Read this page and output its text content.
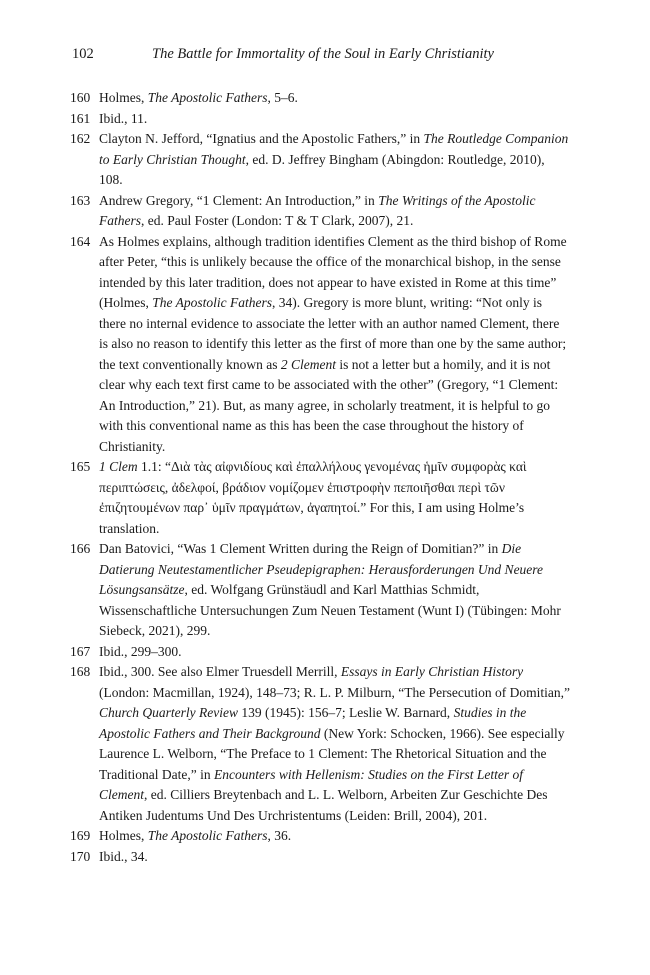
102	The Battle for Immortality of the Soul in Early Christianity
160 Holmes, The Apostolic Fathers, 5–6.
161 Ibid., 11.
162 Clayton N. Jefford, “Ignatius and the Apostolic Fathers,” in The Routledge Companion to Early Christian Thought, ed. D. Jeffrey Bingham (Abingdon: Routledge, 2010), 108.
163 Andrew Gregory, “1 Clement: An Introduction,” in The Writings of the Apostolic Fathers, ed. Paul Foster (London: T & T Clark, 2007), 21.
164 As Holmes explains, although tradition identifies Clement as the third bishop of Rome after Peter, “this is unlikely because the office of the monarchical bishop, in the sense intended by this later tradition, does not appear to have existed in Rome at this time” (Holmes, The Apostolic Fathers, 34). Gregory is more blunt, writing: “Not only is there no internal evidence to associate the letter with an author named Clement, there is also no reason to identify this letter as the first of more than one by the same author; the text conventionally known as 2 Clement is not a letter but a homily, and it is not clear why each text first came to be associated with the other” (Gregory, “1 Clement: An Introduction,” 21). But, as many agree, in scholarly treatment, it is helpful to go with this conventional name as this has been the case throughout the history of Christianity.
165 1 Clem 1.1: “Διὰ τὰς αἰφνιδίους καὶ ἐπαλλήλους γενομένας ἡμῖν συμφορὰς καὶ περιπτώσεις, ἀδελφοί, βράδιον νομίζομεν ἐπιστροφὴν πεποιῆσθαι περὶ τῶν ἐπιζητουμένων παρ᾿ ὑμῖν πραγμάτων, ἀγαπητοί.” For this, I am using Holme’s translation.
166 Dan Batovici, “Was 1 Clement Written during the Reign of Domitian?” in Die Datierung Neutestamentlicher Pseudepigraphen: Herausforderungen Und Neuere Lösungsansätze, ed. Wolfgang Grünstäudl and Karl Matthias Schmidt, Wissenschaftliche Untersuchungen Zum Neuen Testament (Wunt I) (Tübingen: Mohr Siebeck, 2021), 299.
167 Ibid., 299–300.
168 Ibid., 300. See also Elmer Truesdell Merrill, Essays in Early Christian History (London: Macmillan, 1924), 148–73; R. L. P. Milburn, “The Persecution of Domitian,” Church Quarterly Review 139 (1945): 156–7; Leslie W. Barnard, Studies in the Apostolic Fathers and Their Background (New York: Schocken, 1966). See especially Laurence L. Welborn, “The Preface to 1 Clement: The Rhetorical Situation and the Traditional Date,” in Encounters with Hellenism: Studies on the First Letter of Clement, ed. Cilliers Breytenbach and L. L. Welborn, Arbeiten Zur Geschichte Des Antiken Judentums Und Des Urchristentums (Leiden: Brill, 2004), 201.
169 Holmes, The Apostolic Fathers, 36.
170 Ibid., 34.
